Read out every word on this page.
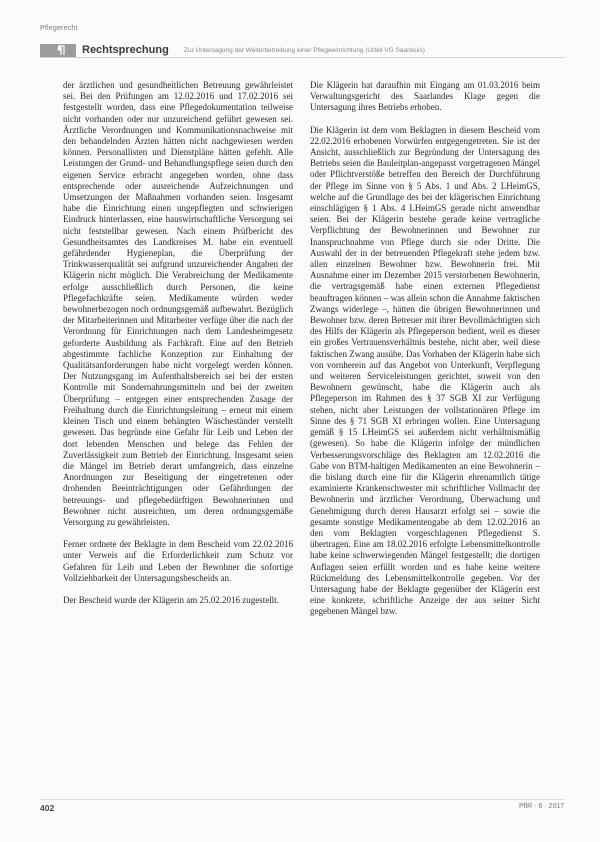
Pflegerecht
Rechtsprechung Zur Untersagung der Weiterbetreibung einer Pflegeeinrichtung (Urteil VG Saarlouis)

der ärztlichen und gesundheitlichen Betreuung gewährleistet sei. Bei den Prüfungen am 12.02.2016 und 17.02.2016 sei festgestellt worden, dass eine Pflegedokumentation teilweise nicht vorhanden oder nur unzureichend geführt gewesen sei. Ärztliche Verordnungen und Kommunikationsnachweise mit den behandelnden Ärzten hätten nicht nachgewiesen werden können. Personallisten und Dienstpläne hätten gefehlt. Alle Leistungen der Grund- und Behandlungspflege seien durch den eigenen Service erbracht angegeben worden, ohne dass entsprechende oder ausreichende Aufzeichnungen und Umsetzungen der Maßnahmen vorhanden seien. Insgesamt habe die Einrichtung einen ungepflegten und schwierigen Eindruck hinterlassen, eine hauswirtschaftliche Versorgung sei nicht feststellbar gewesen. Nach einem Prüfbericht des Gesundheitsamtes des Landkreises M. habe ein eventuell gefährdender Hygieneplan, die Überprüfung der Trinkwasserqualität sei aufgrund unzureichender Angaben der Klägerin nicht möglich. Die Verabreichung der Medikamente erfolge ausschließlich durch Personen, die keine Pflegefachkräfte seien. Medikamente würden weder bewohnerbezogen noch ordnungsgemäß aufbewahrt. Bezüglich der Mitarbeiterinnen und Mitarbeiter verfüge über die nach der Verordnung für Einrichtungen nach dem Landesheimgesetz geforderte Ausbildung als Fachkraft. Eine auf den Betrieb abgestimmte fachliche Konzeption zur Einhaltung der Qualitätsanforderungen habe nicht vorgelegt werden können. Der Nutzungsgang im Aufenthaltsbereich sei bei der ersten Kontrolle mit Sondernahrungsmitteln und bei der zweiten Überprüfung – entgegen einer entsprechenden Zusage der Freihaltung durch die Einrichtungsleitung – erneut mit einem kleinen Tisch und einem behängten Wäscheständer verstellt gewesen. Das begründe eine Gefahr für Leib und Leben der dort lebenden Menschen und belege das Fehlen der Zuverlässigkeit zum Betrieb der Einrichtung. Insgesamt seien die Mängel im Betrieb derart umfangreich, dass einzelne Anordnungen zur Beseitigung der eingetretenen oder drohenden Beeinträchtigungen oder Gefährdungen der betreuungs- und pflegebedürftigen Bewohnerinnen und Bewohner nicht ausreichten, um deren ordnungsgemäße Versorgung zu gewährleisten.

Ferner ordnete der Beklagte in dem Bescheid vom 22.02.2016 unter Verweis auf die Erforderlichkeit zum Schutz vor Gefahren für Leib und Leben der Bewohner die sofortige Vollziehbarkeit der Untersagungsbescheids an.

Der Bescheid wurde der Klägerin am 25.02.2016 zugestellt.

Die Klägerin hat daraufhin mit Eingang am 01.03.2016 beim Verwaltungsgericht des Saarlandes Klage gegen die Untersagung ihres Betriebs erhoben.

Die Klägerin ist dem vom Beklagten in diesem Bescheid vom 22.02.2016 erhobenen Vorwürfen entgegengetreten. Sie ist der Ansicht, ausschließlich zur Begründung der Untersagung des Betriebs seien die Bauleitplan-angepasst vorgetragenen Mängel oder Pflichtverstöße betreffen den Bereich der Durchführung der Pflege im Sinne von § 5 Abs. 1 und Abs. 2 LHeimGS, welche auf die Grundlage des bei der klägerischen Einrichtung einschlägigen § 1 Abs. 4 LHeimGS gerade nicht anwendbar seien. Bei der Klägerin bestehe gerade keine vertragliche Verpflichtung der Bewohnerinnen und Bewohner zur Inanspruchnahme von Pflege durch sie oder Dritte. Die Auswahl der in der betreuenden Pflegekraft stehe jedem bzw. allen einzelnen Bewohner bzw. Bewohnerin frei. Mit Ausnahme einer im Dezember 2015 verstorbenen Bewohnerin, die vertragsgemäß habe einen externen Pflegedienst beauftragen können – was allein schon die Annahme faktischen Zwangs widerlege –, hätten die übrigen Bewohnerinnen und Bewohner bzw. deren Betreuer mit ihrer Bevollmächtigten sich des Hilfs der Klägerin als Pflegeperson bedient, weil es dieser ein großes Vertrauensverhältnis bestehe, nicht aber, weil diese faktischen Zwang ausübe. Das Vorhaben der Klägerin habe sich von vornherein auf das Angebot von Unterkunft, Verpflegung und weiteren Serviceleistungen gerichtet, soweit von den Bewohnern gewünscht, habe die Klägerin auch als Pflegeperson im Rahmen des § 37 SGB XI zur Verfügung stehen, nicht aber Leistungen der vollstationären Pflege im Sinne des § 71 SGB XI erbringen wollen. Eine Untersagung gemäß § 15 LHeimGS sei außerdem nicht verhältnismäßig (gewesen). So habe die Klägerin infolge der mündlichen Verbesserungsvorschläge des Beklagten am 12.02.2016 die Gabe von BTM-haltigen Medikamenten an eine Bewohnerin – die bislang durch eine für die Klägerin ehrenamtlich tätige examinierte Krankenschwester mit schriftlicher Vollmacht der Bewohnerin und ärztlicher Verordnung, Überwachung und Genehmigung durch deren Hausarzt erfolgt sei – sowie die gesamte sonstige Medikamentengabe ab dem 12.02.2016 an den vom Beklagten vorgeschlagenen Pflegedienst S. übertragen. Eine am 18.02.2016 erfolgte Lebensmittelkontrolle habe keine schwerwiegenden Mängel festgestellt; die dortigen Auflagen seien erfüllt worden und es habe keine weitere Rückmeldung des Lebensmittelkontrolle gegeben. Vor der Untersagung habe der Beklagte gegenüber der Klägerin erst eine konkrete, schriftliche Anzeige der aus seiner Sicht gegebenen Mängel bzw.

402	PflR · 6 · 2017
